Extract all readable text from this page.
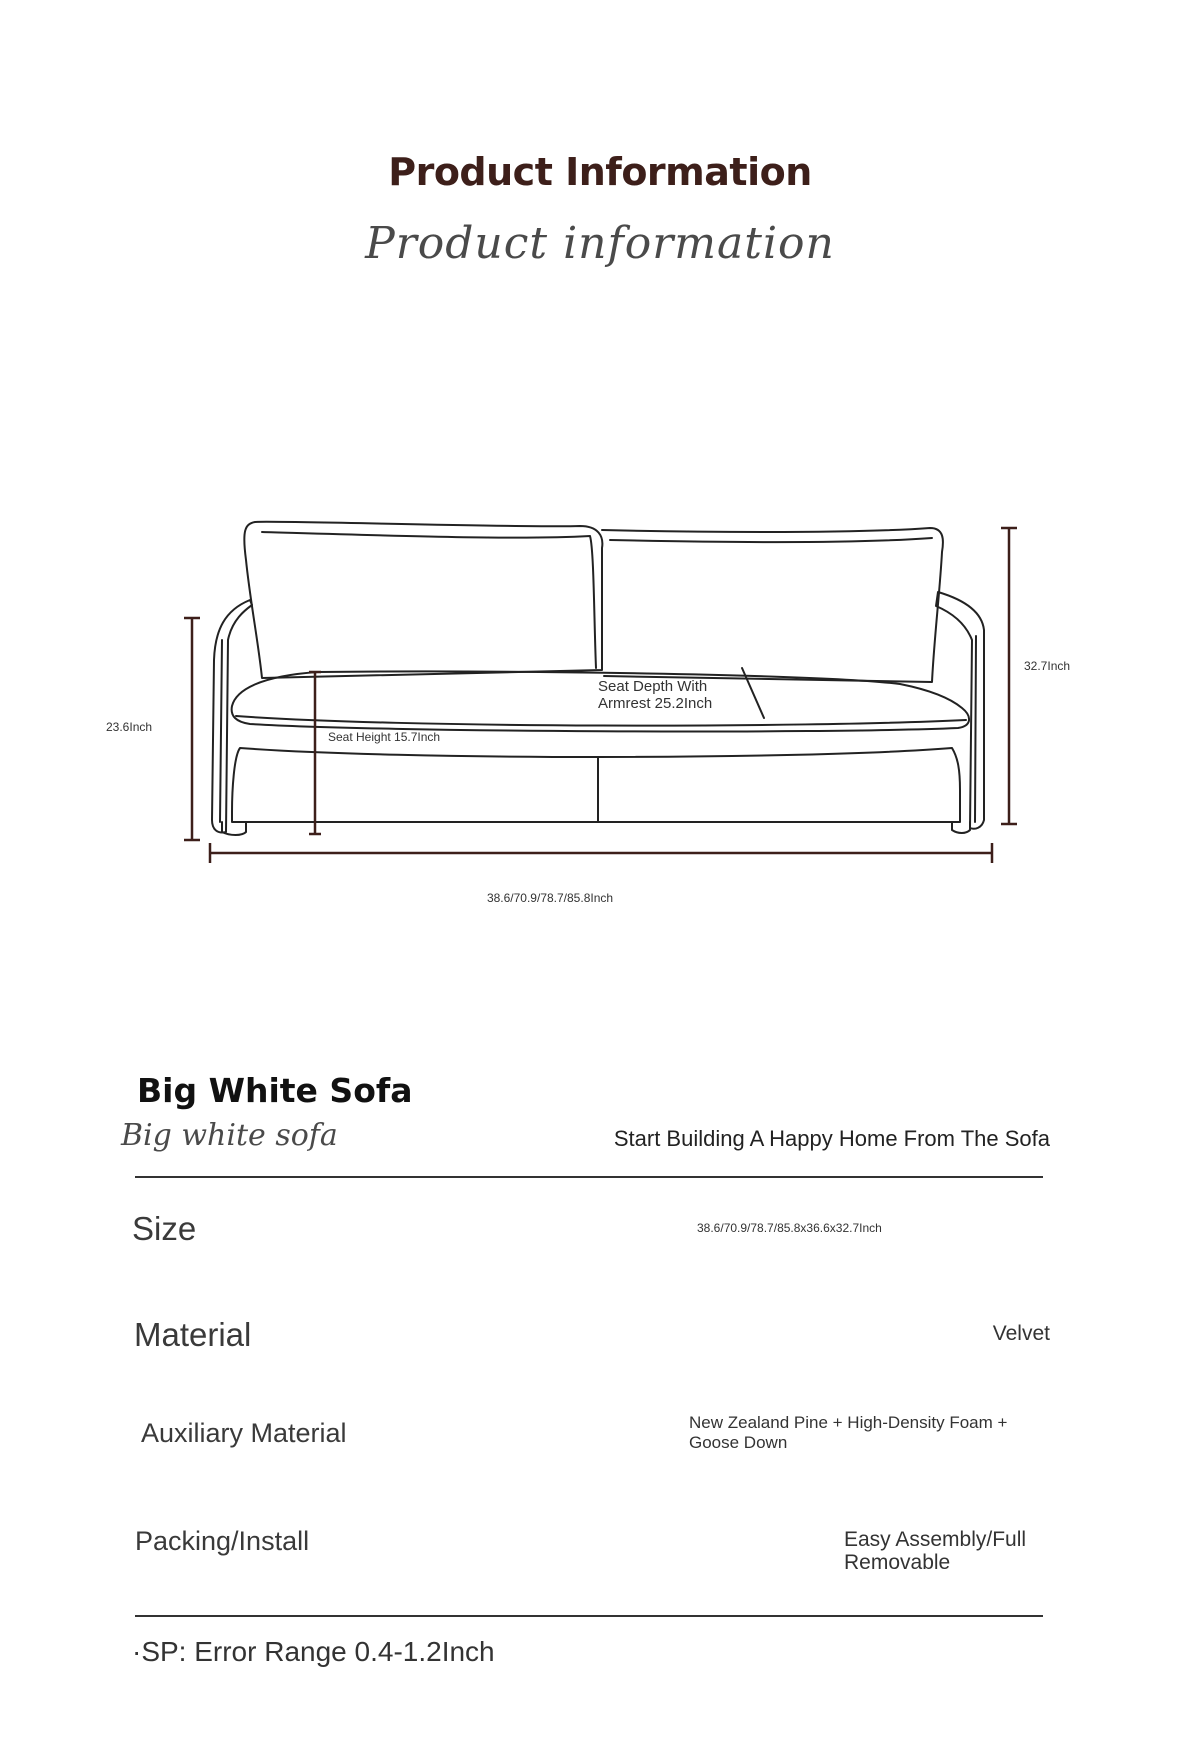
Product Information
Product information
23.6Inch
32.7Inch
38.6/70.9/78.7/85.8Inch
Seat Height 15.7Inch
Seat Depth With
Armrest 25.2Inch
Big White Sofa
Big white sofa	Start Building A Happy Home From The Sofa
Size	38.6/70.9/78.7/85.8x36.6x32.7Inch
Material	Velvet
Auxiliary Material	New Zealand Pine + High-Density Foam +
Goose Down
Packing/Install	Easy Assembly/Full
Removable
·SP: Error Range 0.4-1.2Inch
